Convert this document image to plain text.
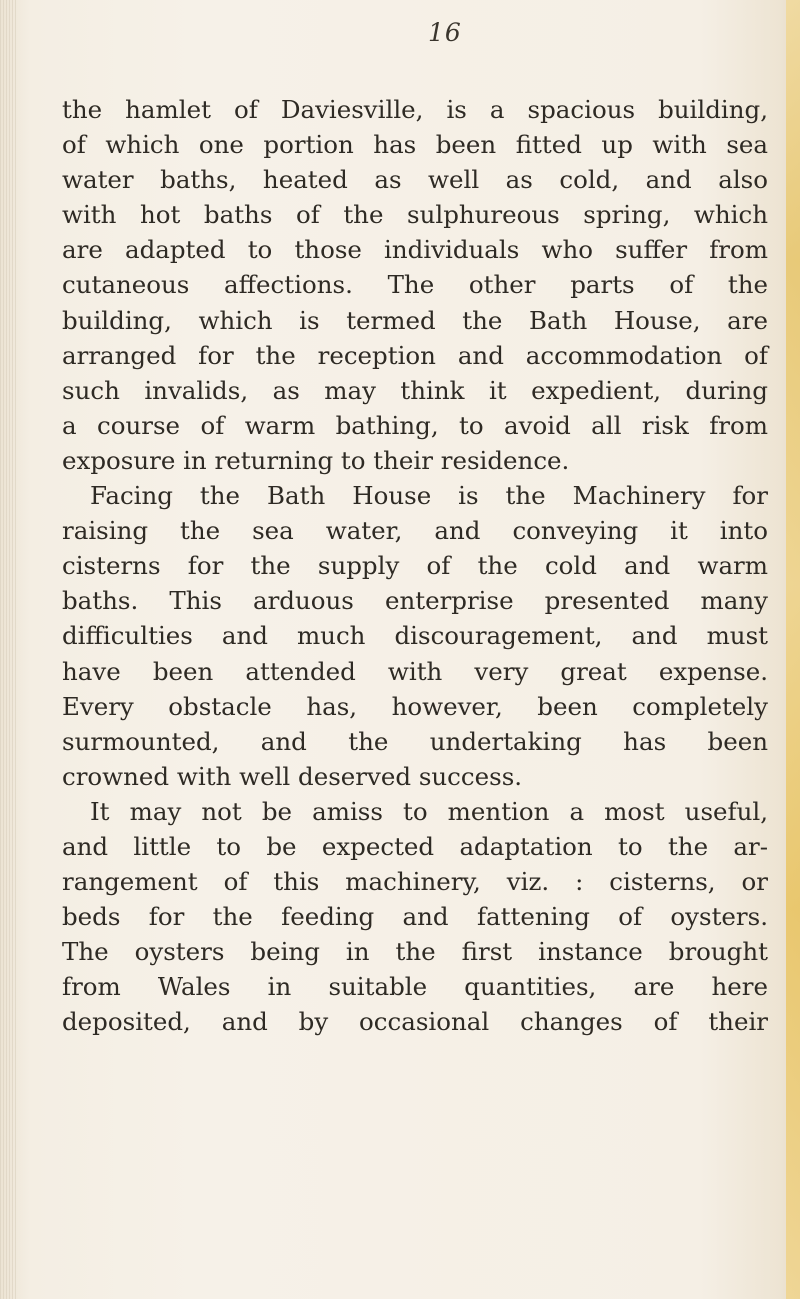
16
the hamlet of Daviesville, is a spacious building,
of which one portion has been fitted up with sea
water baths, heated as well as cold, and also
with hot baths of the sulphureous spring, which
are adapted to those individuals who suffer from
cutaneous affections. The other parts of the
building, which is termed the Bath House, are
arranged for the reception and accommodation of
such invalids, as may think it expedient, during
a course of warm bathing, to avoid all risk from
exposure in returning to their residence.
Facing the Bath House is the Machinery for
raising the sea water, and conveying it into
cisterns for the supply of the cold and warm
baths. This arduous enterprise presented many
difficulties and much discouragement, and must
have been attended with very great expense.
Every obstacle has, however, been completely
surmounted, and the undertaking has been
crowned with well deserved success.
It may not be amiss to mention a most useful,
and little to be expected adaptation to the ar-
rangement of this machinery, viz. : cisterns, or
beds for the feeding and fattening of oysters.
The oysters being in the first instance brought
from Wales in suitable quantities, are here
deposited, and by occasional changes of their
